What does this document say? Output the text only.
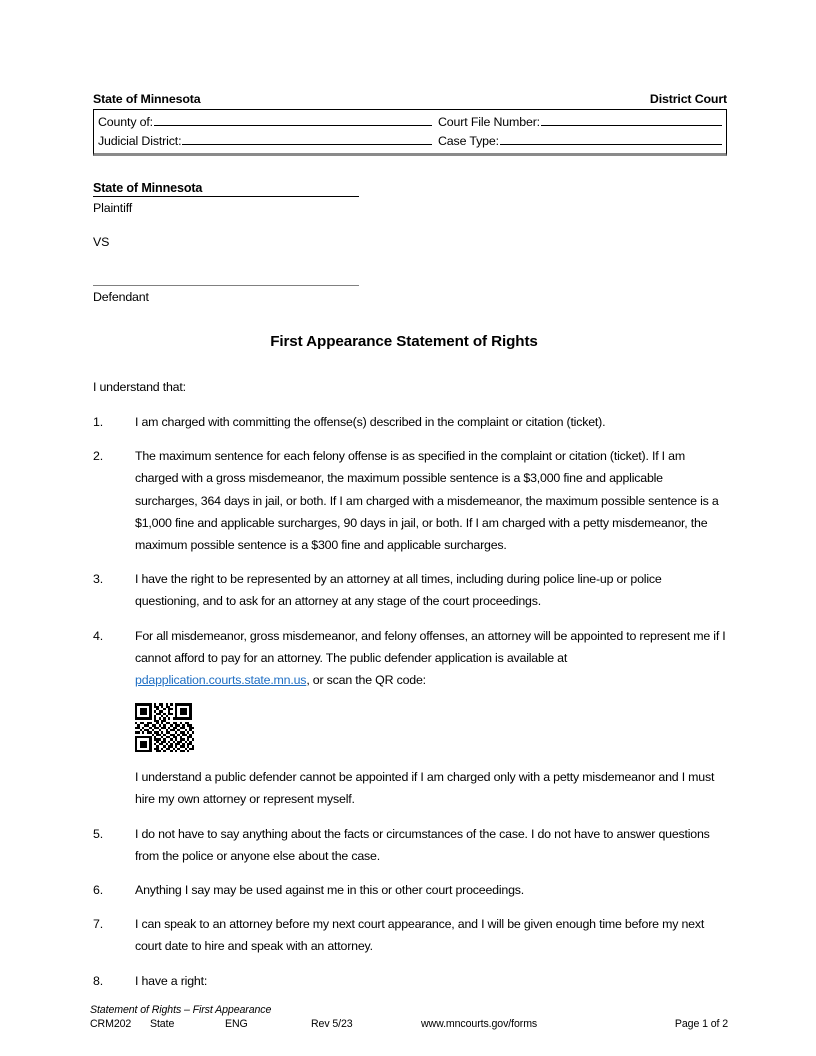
State of Minnesota	District Court
County of:	Court File Number:
Judicial District:	Case Type:
State of Minnesota
Plaintiff
VS
Defendant
First Appearance Statement of Rights
I understand that:
1.	I am charged with committing the offense(s) described in the complaint or citation (ticket).
2.	The maximum sentence for each felony offense is as specified in the complaint or citation (ticket). If I am charged with a gross misdemeanor, the maximum possible sentence is a $3,000 fine and applicable surcharges, 364 days in jail, or both. If I am charged with a misdemeanor, the maximum possible sentence is a $1,000 fine and applicable surcharges, 90 days in jail, or both. If I am charged with a petty misdemeanor, the maximum possible sentence is a $300 fine and applicable surcharges.
3.	I have the right to be represented by an attorney at all times, including during police line-up or police questioning, and to ask for an attorney at any stage of the court proceedings.
4.	For all misdemeanor, gross misdemeanor, and felony offenses, an attorney will be appointed to represent me if I cannot afford to pay for an attorney. The public defender application is available at pdapplication.courts.state.mn.us, or scan the QR code:
I understand a public defender cannot be appointed if I am charged only with a petty misdemeanor and I must hire my own attorney or represent myself.
5.	I do not have to say anything about the facts or circumstances of the case. I do not have to answer questions from the police or anyone else about the case.
6.	Anything I say may be used against me in this or other court proceedings.
7.	I can speak to an attorney before my next court appearance, and I will be given enough time before my next court date to hire and speak with an attorney.
8.	I have a right:
Statement of Rights – First Appearance
CRM202	State	ENG	Rev 5/23	www.mncourts.gov/forms	Page 1 of 2
